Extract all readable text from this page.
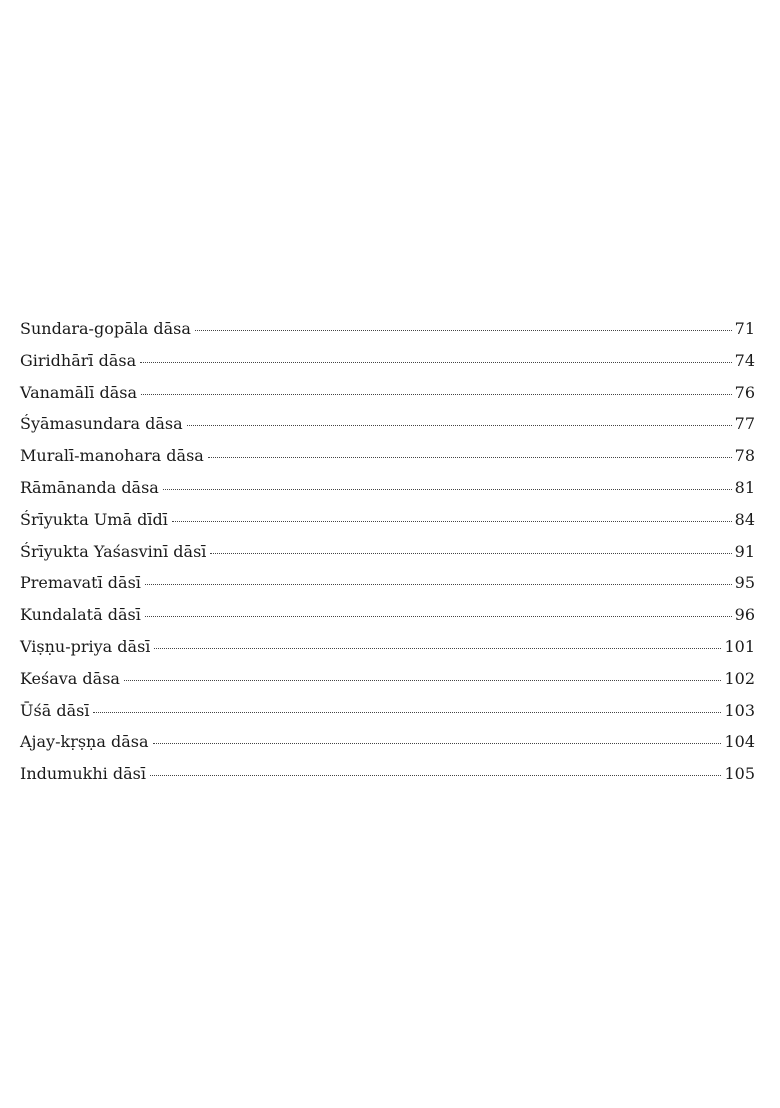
Sundara-gopāla dāsa	71
Giridhārī dāsa	74
Vanamālī dāsa	76
Śyāmasundara dāsa	77
Muralī-manohara dāsa	78
Rāmānanda dāsa	81
Śrīyukta Umā dīdī	84
Śrīyukta Yaśasvinī dāsī	91
Premavatī dāsī	95
Kundalatā dāsī	96
Viṣṇu-priya dāsī	101
Keśava dāsa	102
Ūśā dāsī	103
Ajay-kṛṣṇa dāsa	104
Indumukhi dāsī	105
